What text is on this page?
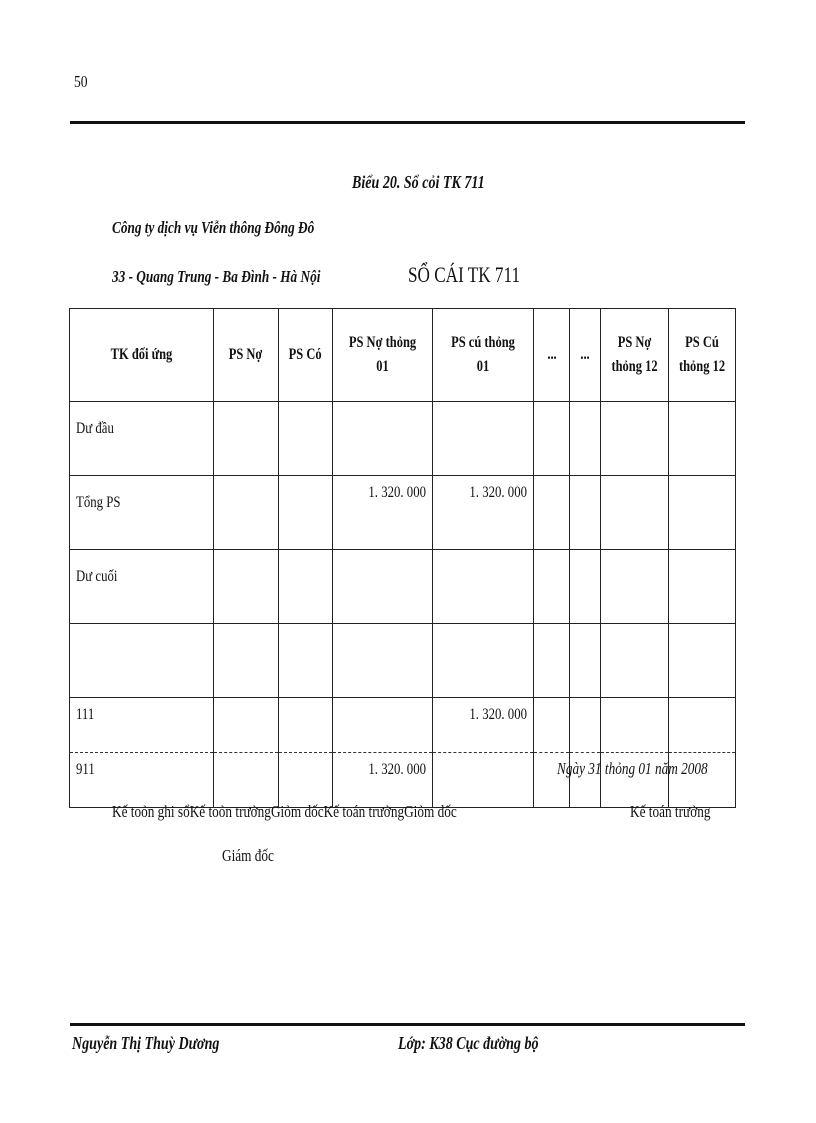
50
Biểu 20. Sổ cỏi TK 711
Công ty dịch vụ Viễn thông Đông Đô
33 - Quang Trung - Ba Đình - Hà Nội	SỔ CÁI TK 711
TK đối ứng	PS Nợ	PS Có	PS Nợ thỏng 01	PS cú thỏng 01	...	...	PS Nợ thỏng 12	PS Cú thỏng 12
Dư đầu								
Tổng PS			1. 320. 000	1. 320. 000				
Dư cuối								

111				1. 320. 000				
911			1. 320. 000						Ngày 31 thỏng 01 năm 2008
Kế toỏn ghi sổKế toỏn trưởngGiỏm đốcKế toán trưởngGiỏm đốc	Kế toán trưởng
Giám đốc
Nguyễn Thị Thuỳ Dương	Lớp: K38 Cục đường bộ
